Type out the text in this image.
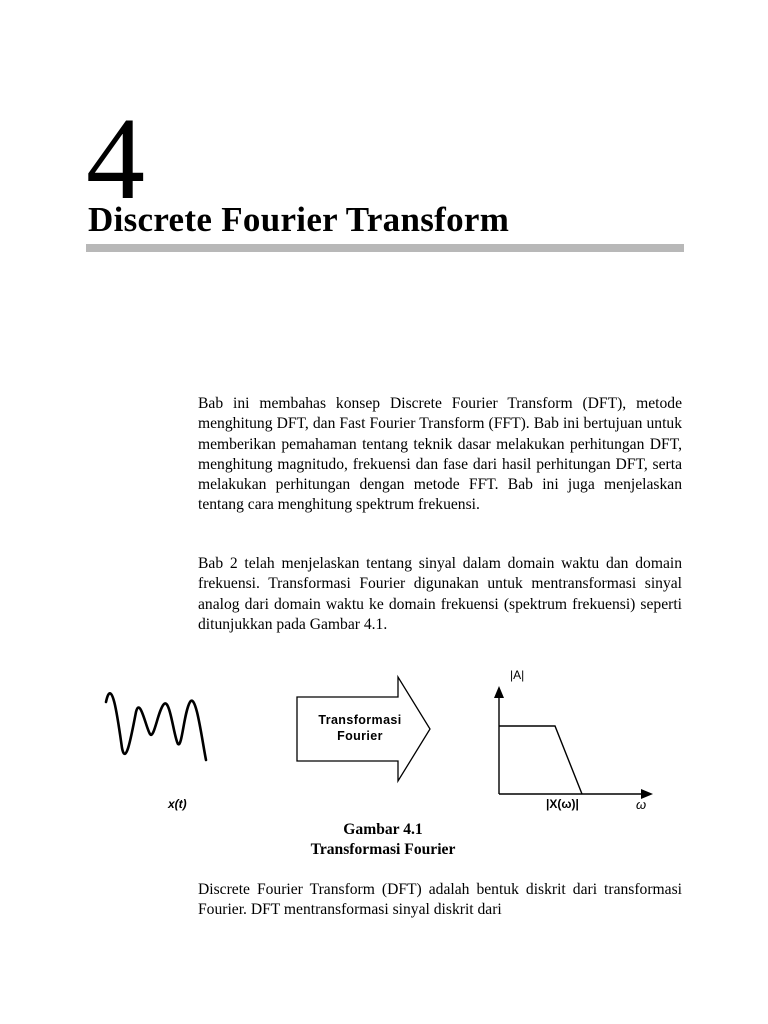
4
Discrete Fourier Transform

Bab ini membahas konsep Discrete Fourier Transform (DFT), metode menghitung DFT, dan Fast Fourier Transform (FFT). Bab ini bertujuan untuk memberikan pemahaman tentang teknik dasar melakukan perhitungan DFT, menghitung magnitudo, frekuensi dan fase dari hasil perhitungan DFT, serta melakukan perhitungan dengan metode FFT. Bab ini juga menjelaskan tentang cara menghitung spektrum frekuensi.

Bab 2 telah menjelaskan tentang sinyal dalam domain waktu dan domain frekuensi. Transformasi Fourier digunakan untuk mentransformasi sinyal analog dari domain waktu ke domain frekuensi (spektrum frekuensi) seperti ditunjukkan pada Gambar 4.1.

Transformasi
Fourier
x(t)
|A|
|X(ω)|	ω
Gambar 4.1
Transformasi Fourier

Discrete Fourier Transform (DFT) adalah bentuk diskrit dari transformasi Fourier. DFT mentransformasi sinyal diskrit dari
